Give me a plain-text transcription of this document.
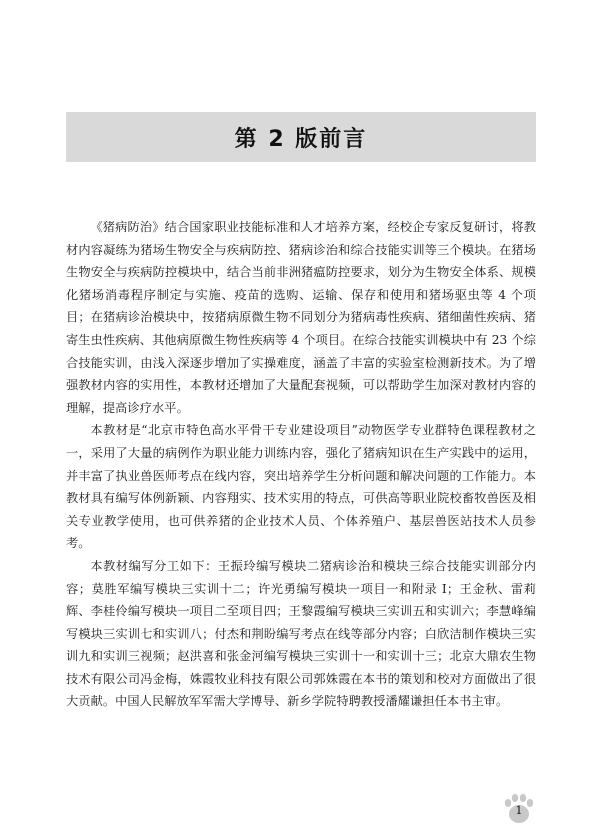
第 2 版前言

《猪病防治》结合国家职业技能标准和人才培养方案，经校企专家反复研讨，将教材内容凝练为猪场生物安全与疾病防控、猪病诊治和综合技能实训等三个模块。在猪场生物安全与疾病防控模块中，结合当前非洲猪瘟防控要求，划分为生物安全体系、规模化猪场消毒程序制定与实施、疫苗的选购、运输、保存和使用和猪场驱虫等 4 个项目；在猪病诊治模块中，按猪病原微生物不同划分为猪病毒性疾病、猪细菌性疾病、猪寄生虫性疾病、其他病原微生物性疾病等 4 个项目。在综合技能实训模块中有 23 个综合技能实训，由浅入深逐步增加了实操难度，涵盖了丰富的实验室检测新技术。为了增强教材内容的实用性，本教材还增加了大量配套视频，可以帮助学生加深对教材内容的理解，提高诊疗水平。

本教材是“北京市特色高水平骨干专业建设项目”动物医学专业群特色课程教材之一，采用了大量的病例作为职业能力训练内容，强化了猪病知识在生产实践中的运用，并丰富了执业兽医师考点在线内容，突出培养学生分析问题和解决问题的工作能力。本教材具有编写体例新颖、内容翔实、技术实用的特点，可供高等职业院校畜牧兽医及相关专业教学使用，也可供养猪的企业技术人员、个体养殖户、基层兽医站技术人员参考。

本教材编写分工如下：王振玲编写模块二猪病诊治和模块三综合技能实训部分内容；莫胜军编写模块三实训十二；许光勇编写模块一项目一和附录 I；王金秋、雷莉辉、李桂伶编写模块一项目二至项目四；王黎霞编写模块三实训五和实训六；李慧峰编写模块三实训七和实训八；付杰和荆盼编写考点在线等部分内容；白欣洁制作模块三实训九和实训三视频；赵洪喜和张金河编写模块三实训十一和实训十三；北京大鼎农生物技术有限公司冯金梅，姝霞牧业科技有限公司郭姝霞在本书的策划和校对方面做出了很大贡献。中国人民解放军军需大学博导、新乡学院特聘教授潘耀谦担任本书主审。

1
